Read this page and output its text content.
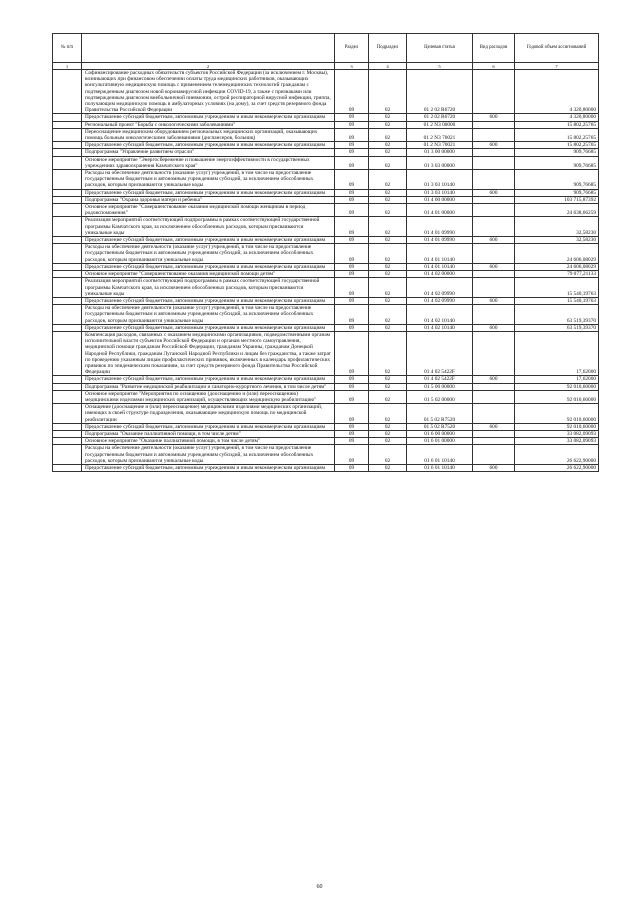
№ п/п		Раздел	Подраздел	Целевая статья	Вид расходов	Годовой объем ассигнований
1	2	3	4	5	6	7
	Софинансирование расходных обязательств субъектов Российской Федерации (за исключением г. Москвы), возникающих при финансовом обеспечении оплаты труда медицинских работников, оказывающих консультативную медицинскую помощь с применением телемедицинских технологий гражданам с подтвержденным диагнозом новой коронавирусной инфекции COVID-19, а также с признаками или подтвержденным диагнозом внебольничной пневмонии, острой респираторной вирусной инфекции, гриппа, получающим медицинскую помощь в амбулаторных условиях (на дому), за счет средств резервного фонда Правительства Российской Федерации	09	02	01 2 02 R6720		4 320,80000
	Предоставление субсидий бюджетным, автономным учреждениям и иным некоммерческим организациям	09	02	01 2 02 R6720	600	4 320,80000
	Региональный проект "Борьба с онкологическими заболеваниями"	09	02	01 2 N3 00000		15 802,25765
	Переоснащение медицинским оборудованием региональных медицинских организаций, оказывающих помощь больным онкологическими заболеваниями (диспансеров, больниц)	09	02	01 2 N3 70021		15 802,25765
	Предоставление субсидий бюджетным, автономным учреждениям и иным некоммерческим организациям	09	02	01 2 N3 70021	600	15 802,25765
	Подпрограмма "Управление развитием отрасли"	09	02	01 3 00 00000		909,76685
	Основное мероприятие "Энергосбережение и повышение энергоэффективности в государственных учреждениях здравоохранения Камчатского края"	09	02	01 3 03 00000		909,76685
	Расходы на обеспечение деятельности (оказание услуг) учреждений, в том числе на предоставление государственным бюджетным и автономным учреждениям субсидий, за исключением обособленных расходов, которым присваиваются уникальные коды	09	02	01 3 03 10140		909,76685
	Предоставление субсидий бюджетным, автономным учреждениям и иным некоммерческим организациям	09	02	01 3 03 10140	600	909,76685
	Подпрограмма "Охрана здоровья матери и ребенка"	09	02	01 4 00 00000		103 715,87392
	Основное мероприятие "Совершенствование оказания медицинской помощи женщинам в период родовспоможения"	09	02	01 4 01 00000		24 638,66259
	Реализация мероприятий соответствующей подпрограммы в рамках соответствующей государственной программы Камчатского края, за исключением обособленных расходов, которым присваиваются уникальные коды	09	02	01 4 01 09990		32,58230
	Предоставление субсидий бюджетным, автономным учреждениям и иным некоммерческим организациям	09	02	01 4 01 09990	600	32,58230
	Расходы на обеспечение деятельности (оказание услуг) учреждений, в том числе на предоставление государственным бюджетным и автономным учреждениям субсидий, за исключением обособленных расходов, которым присваиваются уникальные коды	09	02	01 4 01 10140		24 606,08029
	Предоставление субсидий бюджетным, автономным учреждениям и иным некоммерческим организациям	09	02	01 4 01 10140	600	24 606,08029
	Основное мероприятие "Совершенствование оказания медицинской помощи детям"	09	02	01 4 02 00000		79 077,21133
	Реализация мероприятий соответствующей подпрограммы в рамках соответствующей государственной программы Камчатского края, за исключением обособленных расходов, которым присваиваются уникальные коды	09	02	01 4 02 09990		15 540,19763
	Предоставление субсидий бюджетным, автономным учреждениям и иным некоммерческим организациям	09	02	01 4 02 09990	600	15 540,19763
	Расходы на обеспечение деятельности (оказание услуг) учреждений, в том числе на предоставление государственным бюджетным и автономным учреждениям субсидий, за исключением обособленных расходов, которым присваиваются уникальные коды	09	02	01 4 02 10140		63 519,39370
	Предоставление субсидий бюджетным, автономным учреждениям и иным некоммерческим организациям	09	02	01 4 02 10140	600	63 519,39370
	Компенсация расходов, связанных с оказанием медицинскими организациями, подведомственными органам исполнительной власти субъектов Российской Федерации и органам местного самоуправления, медицинской помощи гражданам Российской Федерации, гражданам Украины, гражданам Донецкой Народной Республики, гражданам Луганской Народной Республики и лицам без гражданства, а также затрат по проведению указанным лицам профилактических прививок, включенных в календарь профилактических прививок по эпидемическим показаниям, за счет средств резервного фонда Правительства Российской Федерации	09	02	01 4 02 5422F		17,62000
	Предоставление субсидий бюджетным, автономным учреждениям и иным некоммерческим организациям	09	02	01 4 02 5422F	600	17,62000
	Подпрограмма "Развитие медицинской реабилитации и санаторно-курортного лечения, в том числе детям"	09	02	01 5 00 00000		92 010,60000
	Основное мероприятие "Мероприятия по оснащению (дооснащению и (или) переоснащению) медицинскими изделиями медицинских организаций, осуществляющих медицинскую реабилитацию"	09	02	01 5 02 00000		92 010,60000
	Оснащение (дооснащение и (или) переоснащение) медицинскими изделиями медицинских организаций, имеющих в своей структуре подразделения, оказывающие медицинскую помощь по медицинской реабилитации	09	02	01 5 02 R7520		92 010,60000
	Предоставление субсидий бюджетным, автономным учреждениям и иным некоммерческим организациям	09	02	01 5 02 R7520	600	92 010,60000
	Подпрограмма "Оказание паллиативной помощи, в том числе детям"	09	02	01 6 00 00000		33 082,09093
	Основное мероприятие "Оказание паллиативной помощи, в том числе детям"	09	02	01 6 01 00000		33 082,09093
	Расходы на обеспечение деятельности (оказание услуг) учреждений, в том числе на предоставление государственным бюджетным и автономным учреждениям субсидий, за исключением обособленных расходов, которым присваиваются уникальные коды	09	02	01 6 01 10140		26 622,90000
	Предоставление субсидий бюджетным, автономным учреждениям и иным некоммерческим организациям	09	02	01 6 01 10140	600	26 622,90000
60
